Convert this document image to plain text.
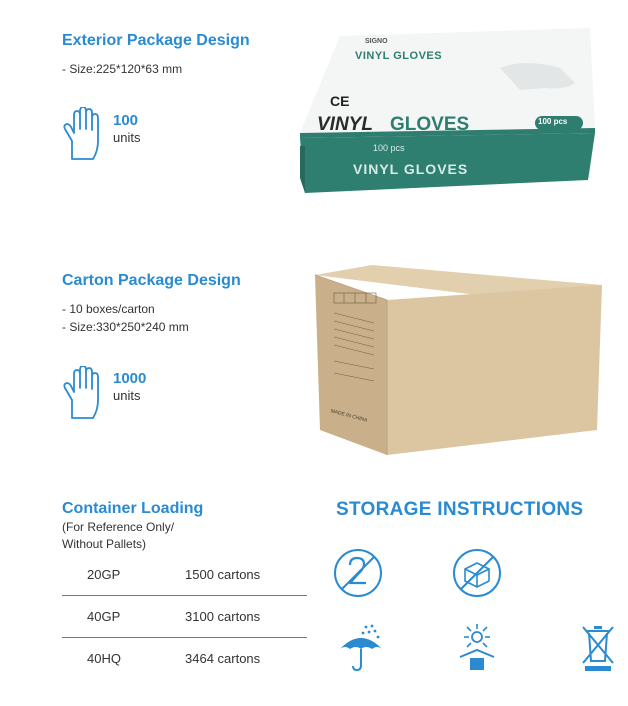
Exterior Package Design
- Size:225*120*63 mm
100
units
SIGNO
VINYL GLOVES
CE
VINYL GLOVES	100 pcs
100 pcs
VINYL GLOVES
Carton Package Design
- 10 boxes/carton
- Size:330*250*240 mm
1000
units
MADE IN CHINA
Container Loading
(For Reference Only/
Without Pallets)
20GP	1500 cartons
40GP	3100 cartons
40HQ	3464 cartons
STORAGE INSTRUCTIONS
